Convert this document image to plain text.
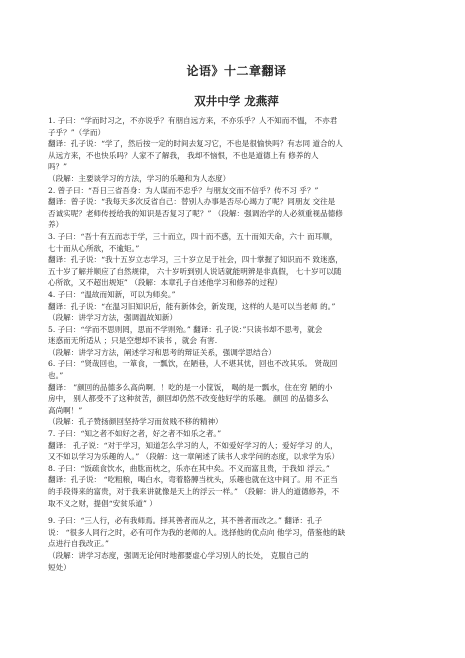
论语》十二章翻译
双井中学 龙燕萍
1. 子曰：“学而时习之，不亦说乎？有朋自远方来，不亦乐乎？人不知而不愠， 不亦君
子乎？”（学而）
翻译：孔子说：“学了，然后按一定的时间去复习它，不也是很愉快吗？有志同 道合的人
从远方来，不也快乐吗？人家不了解我， 我却不恼恨，不也是道德上有 修养的人
吗？”
（段解：主要谈学习的方法，学习的乐趣和为人态度）
2. 曾子曰：“吾日三省吾身：为人谋而不忠乎？与朋友交而不信乎？传不习 乎？”
翻译：曾子说：“我每天多次反省自己：替别人办事是否尽心竭力了呢？同朋友 交往是
否诚实呢？老师传授给我的知识是否复习了呢？” （段解：强调治学的人必须重视品德修
养）
3. 子曰：“吾十有五而志于学，三十而立，四十而不惑，五十而知天命，六十 而耳顺，
七十而从心所欲，不逾矩。”
翻译：孔子说：“我十五岁立志学习，三十岁立足于社会，四十掌握了知识而不 致迷惑，
五十岁了解并顺应了自然规律， 六十岁听到别人说话就能明辨是非真假， 七十岁可以随
心所欲，又不超出规矩” （段解：本章孔子自述他学习和修养的过程）
4. 子曰：“温故而知新，可以为师矣。”
翻译：孔子说：“在温习旧知识后，能有新体会，新发现，这样的人是可以当老师 的。”
（段解：讲学习方法，强调温故知新）
5. 子曰：“学而不思则罔，思而不学则殆。” 翻译：孔子说：”只读书却不思考，就会
迷惑而无所适从 ；只是空想却不读书 ，就会 有害.
（段解：讲学习方法，阐述学习和思考的辩证关系，强调学思结合）
6. 子曰：“贤哉回也，一箪食，一瓢饮，在陋巷，人不堪其忧，回也不改其乐。 贤哉回
也。”
翻译： ”颜回的品德多么高尚啊．！吃的是一小筐饭， 喝的是一瓢水，住在穷 陋的小
房中， 别人都受不了这种贫苦，颜回却仍然不改变他好学的乐趣。 颜回 的品德多么
高尚啊！”
（段解：孔子赞扬颜回坚持学习而贫贱不移的精神）
7. 子曰：“知之者不如好之者，好之者不如乐之者。”
翻译： 孔子说：“对于学习，知道怎么学习的人，不如爱好学习的人；爱好学习 的人，
又不如以学习为乐趣的人。” （段解：这一章阐述了读书人求学问的态度，以求学为乐）
8. 子曰：“饭疏食饮水，曲肱而枕之，乐亦在其中矣。不义而富且贵，于我如 浮云。”
翻译：孔子说： “吃粗粮，喝白水，弯着胳膊当枕头，乐趣也就在这中间了。用 不正当
的手段得来的富贵，对于我来讲就像是天上的浮云一样。” （段解：讲人的道德修养，不
取不义之财，提倡“安贫乐道” ）
9. 子曰：“三人行，必有我师焉。择其善者而从之，其不善者而改之。” 翻译：孔子
说： “很多人同行之时，必有可作为我的老师的人。选择他的优点向 他学习，借鉴他的缺
点进行自我改正。”
（段解：讲学习态度，强调无论何时地都要虚心学习别人的长处， 克服自己的
短处）
